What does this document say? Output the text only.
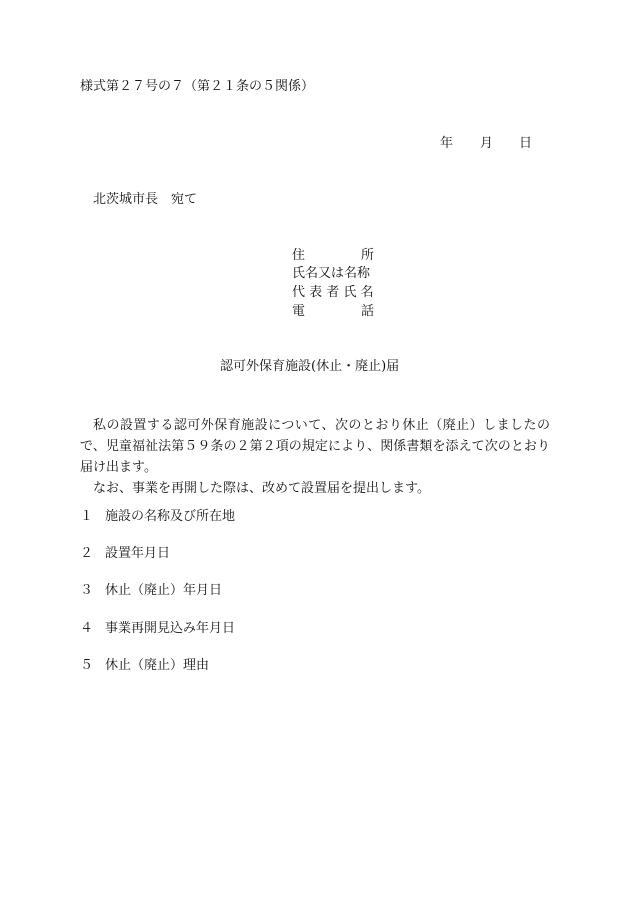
様式第２７号の７（第２１条の５関係）
年 月 日
北茨城市長　宛て
住	所
氏名又は名称
代 表 者 氏 名
電	話
認可外保育施設(休止・廃止)届

私の設置する認可外保育施設について、次のとおり休止（廃止）しましたので、児童福祉法第５９条の２第２項の規定により、関係書類を添えて次のとおり届け出ます。

なお、事業を再開した際は、改めて設置届を提出します。

１ 施設の名称及び所在地
２ 設置年月日
３ 休止（廃止）年月日
４ 事業再開見込み年月日
５ 休止（廃止）理由
